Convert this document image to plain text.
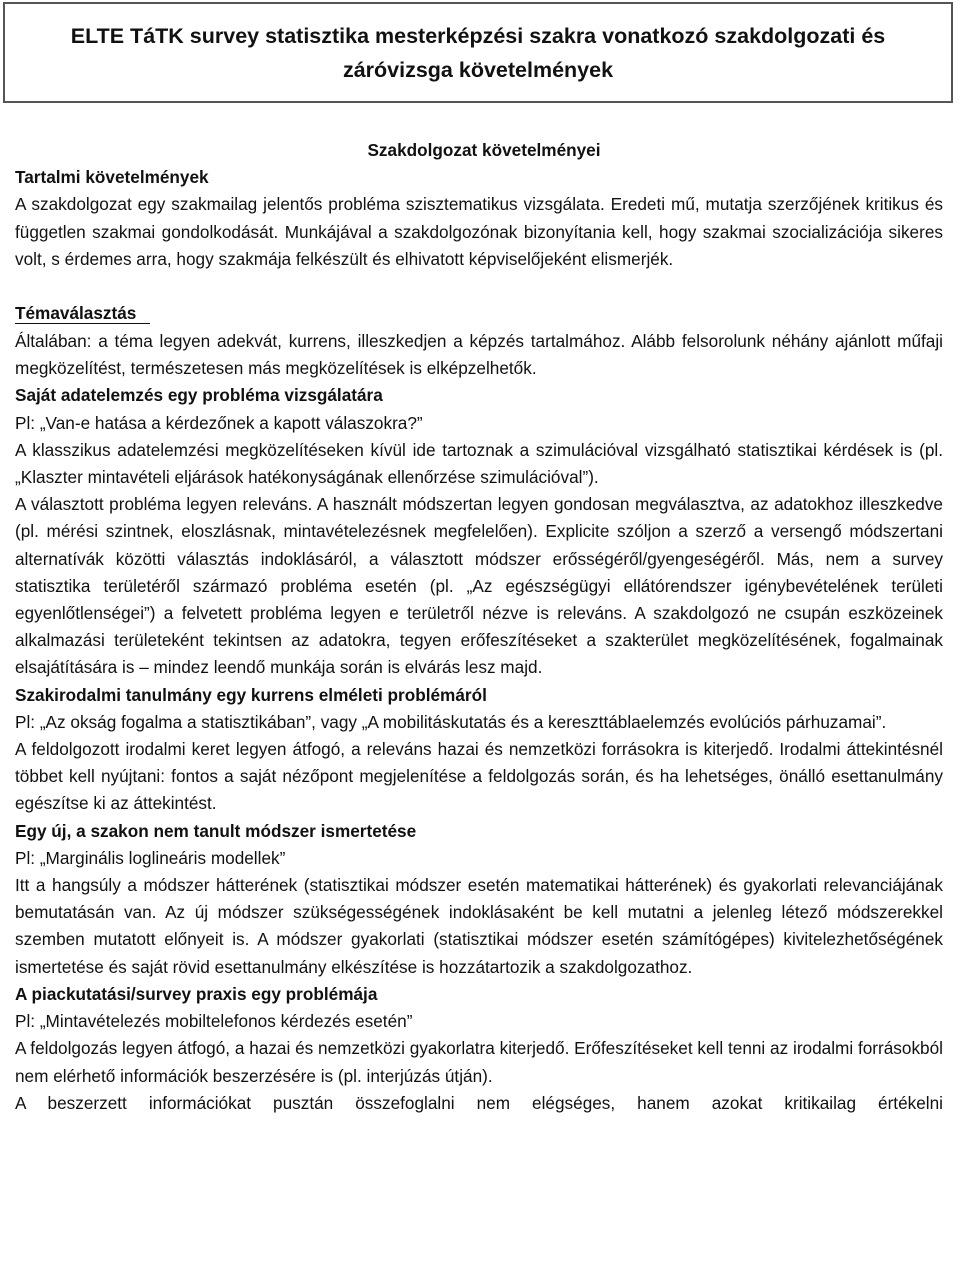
ELTE TáTK survey statisztika mesterképzési szakra vonatkozó szakdolgozati és záróvizsga követelmények

Szakdolgozat követelményei

Tartalmi követelmények

A szakdolgozat egy szakmailag jelentős probléma szisztematikus vizsgálata. Eredeti mű, mutatja szerzőjének kritikus és független szakmai gondolkodását. Munkájával a szakdolgozónak bizonyítania kell, hogy szakmai szocializációja sikeres volt, s érdemes arra, hogy szakmája felkészült és elhivatott képviselőjeként elismerjék.

Témaválasztás

Általában: a téma legyen adekvát, kurrens, illeszkedjen a képzés tartalmához. Alább felsorolunk néhány ajánlott műfaji megközelítést, természetesen más megközelítések is elképzelhetők.

Saját adatelemzés egy probléma vizsgálatára

Pl: „Van-e hatása a kérdezőnek a kapott válaszokra?”

A klasszikus adatelemzési megközelítéseken kívül ide tartoznak a szimulációval vizsgálható statisztikai kérdések is (pl. „Klaszter mintavételi eljárások hatékonyságának ellenőrzése szimulációval”).

A választott probléma legyen releváns. A használt módszertan legyen gondosan megválasztva, az adatokhoz illeszkedve (pl. mérési szintnek, eloszlásnak, mintavételezésnek megfelelően). Explicite szóljon a szerző a versengő módszertani alternatívák közötti választás indoklásáról, a választott módszer erősségéről/gyengeségéről. Más, nem a survey statisztika területéről származó probléma esetén (pl. „Az egészségügyi ellátórendszer igénybevételének területi egyenlőtlenségei”) a felvetett probléma legyen e területről nézve is releváns. A szakdolgozó ne csupán eszközeinek alkalmazási területeként tekintsen az adatokra, tegyen erőfeszítéseket a szakterület megközelítésének, fogalmainak elsajátítására is – mindez leendő munkája során is elvárás lesz majd.

Szakirodalmi tanulmány egy kurrens elméleti problémáról

Pl: „Az okság fogalma a statisztikában”, vagy „A mobilitáskutatás és a kereszttáblaelemzés evolúciós párhuzamai”.

A feldolgozott irodalmi keret legyen átfogó, a releváns hazai és nemzetközi forrásokra is kiterjedő. Irodalmi áttekintésnél többet kell nyújtani: fontos a saját nézőpont megjelenítése a feldolgozás során, és ha lehetséges, önálló esettanulmány egészítse ki az áttekintést.

Egy új, a szakon nem tanult módszer ismertetése

Pl: „Marginális loglineáris modellek”

Itt a hangsúly a módszer hátterének (statisztikai módszer esetén matematikai hátterének) és gyakorlati relevanciájának bemutatásán van. Az új módszer szükségességének indoklásaként be kell mutatni a jelenleg létező módszerekkel szemben mutatott előnyeit is. A módszer gyakorlati (statisztikai módszer esetén számítógépes) kivitelezhetőségének ismertetése és saját rövid esettanulmány elkészítése is hozzátartozik a szakdolgozathoz.

A piackutatási/survey praxis egy problémája

Pl: „Mintavételezés mobiltelefonos kérdezés esetén”

A feldolgozás legyen átfogó, a hazai és nemzetközi gyakorlatra kiterjedő. Erőfeszítéseket kell tenni az irodalmi forrásokból nem elérhető információk beszerzésére is (pl. interjúzás útján).

A beszerzett információkat pusztán összefoglalni nem elégséges, hanem azokat kritikailag értékelni
